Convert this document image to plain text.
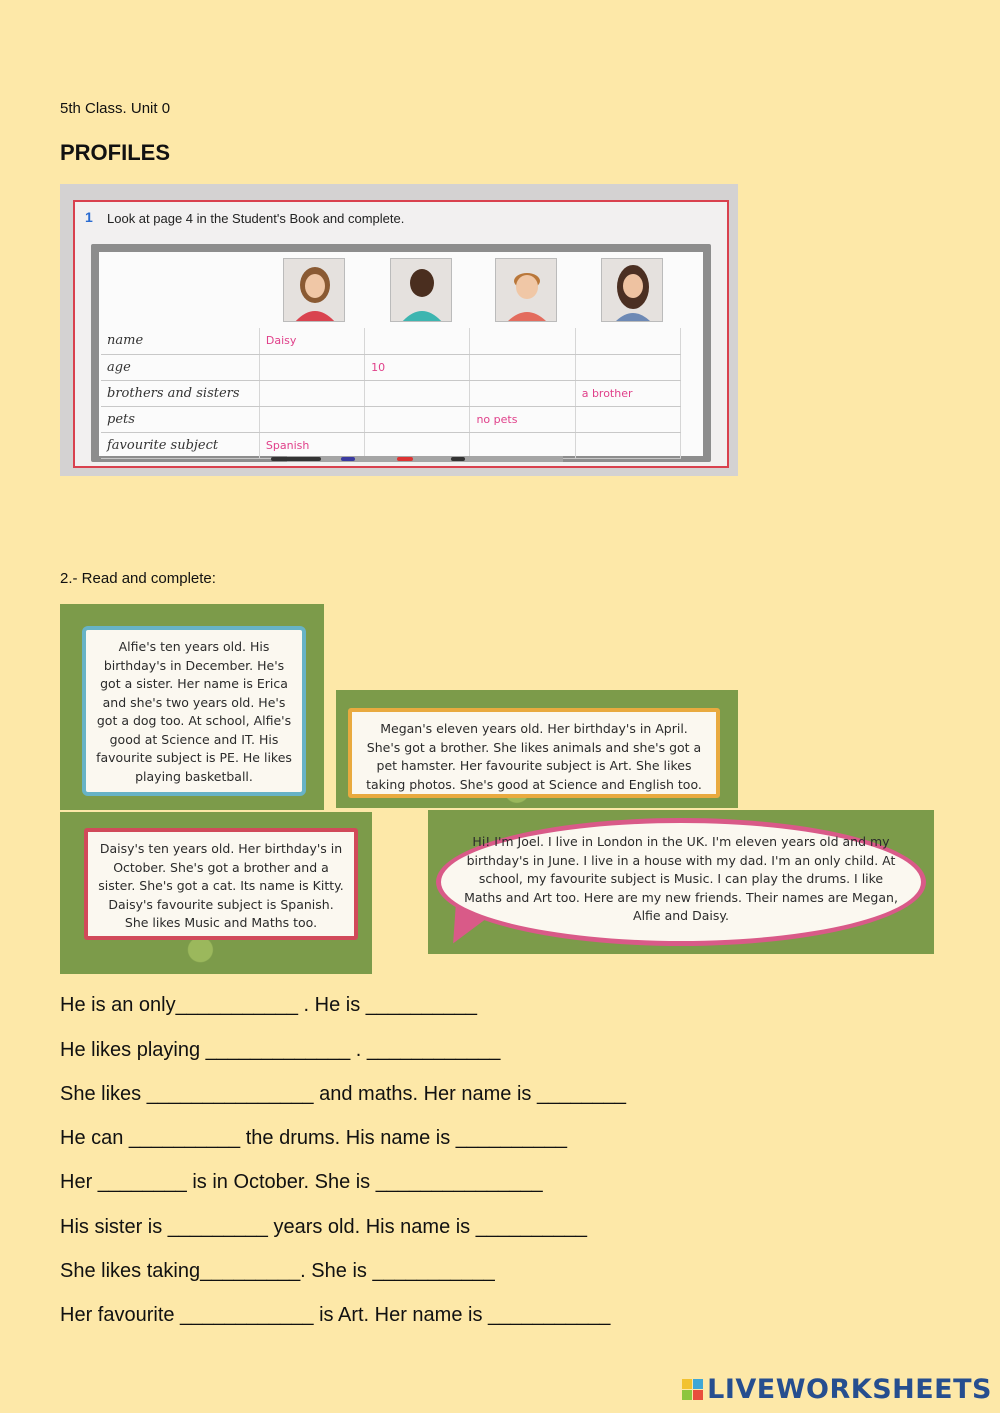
5th Class. Unit 0
PROFILES
1 Look at page 4 in the Student's Book and complete.
name	Daisy			
age		10		
brothers and sisters				a brother
pets			no pets	
favourite subject	Spanish			
2.- Read and complete:
Alfie's ten years old. His birthday's in December. He's got a sister. Her name is Erica and she's two years old. He's got a dog too. At school, Alfie's good at Science and IT. His favourite subject is PE. He likes playing basketball.
Megan's eleven years old. Her birthday's in April. She's got a brother. She likes animals and she's got a pet hamster. Her favourite subject is Art. She likes taking photos. She's good at Science and English too.
Daisy's ten years old. Her birthday's in October. She's got a brother and a sister. She's got a cat. Its name is Kitty. Daisy's favourite subject is Spanish. She likes Music and Maths too.
Hi! I'm Joel. I live in London in the UK. I'm eleven years old and my birthday's in June. I live in a house with my dad. I'm an only child. At school, my favourite subject is Music. I can play the drums. I like Maths and Art too. Here are my new friends. Their names are Megan, Alfie and Daisy.
He is an only___________ . He is __________
He likes playing _____________ . ____________
She likes _______________ and maths. Her name is ________
He can __________ the drums. His name is __________
Her ________ is in October. She is _______________
His sister is _________ years old. His name is __________
She likes taking_________. She is ___________
Her favourite ____________ is Art. Her name is ___________
LIVEWORKSHEETS
